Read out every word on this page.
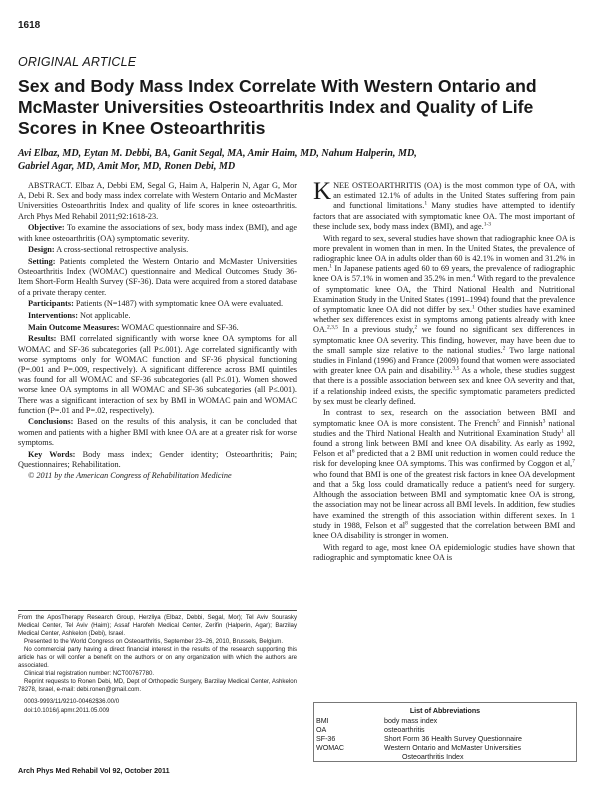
1618
ORIGINAL ARTICLE
Sex and Body Mass Index Correlate With Western Ontario and McMaster Universities Osteoarthritis Index and Quality of Life Scores in Knee Osteoarthritis
Avi Elbaz, MD, Eytan M. Debbi, BA, Ganit Segal, MA, Amir Haim, MD, Nahum Halperin, MD,
Gabriel Agar, MD, Amit Mor, MD, Ronen Debi, MD

ABSTRACT. Elbaz A, Debbi EM, Segal G, Haim A, Halperin N, Agar G, Mor A, Debi R. Sex and body mass index correlate with Western Ontario and McMaster Universities Osteoarthritis Index and quality of life scores in knee osteoarthritis. Arch Phys Med Rehabil 2011;92:1618-23.

Objective: To examine the associations of sex, body mass index (BMI), and age with knee osteoarthritis (OA) symptomatic severity.

Design: A cross-sectional retrospective analysis.

Setting: Patients completed the Western Ontario and McMaster Universities Osteoarthritis Index (WOMAC) questionnaire and Medical Outcomes Study 36-Item Short-Form Health Survey (SF-36). Data were acquired from a stored database of a private therapy center.

Participants: Patients (N=1487) with symptomatic knee OA were evaluated.

Interventions: Not applicable.

Main Outcome Measures: WOMAC questionnaire and SF-36.

Results: BMI correlated significantly with worse knee OA symptoms for all WOMAC and SF-36 subcategories (all P≤.001). Age correlated significantly with worse symptoms only for WOMAC function and SF-36 physical functioning (P=.001 and P=.009, respectively). A significant difference across BMI quintiles was found for all WOMAC and SF-36 subcategories (all P≤.01). Women showed worse knee OA symptoms in all WOMAC and SF-36 subcategories (all P≤.001). There was a significant interaction of sex by BMI in WOMAC pain and WOMAC function (P=.01 and P=.02, respectively).

Conclusions: Based on the results of this analysis, it can be concluded that women and patients with a higher BMI with knee OA are at a greater risk for worse symptoms.

Key Words: Body mass index; Gender identity; Osteoarthritis; Pain; Questionnaires; Rehabilitation.

© 2011 by the American Congress of Rehabilitation Medicine

From the AposTherapy Research Group, Herzliya (Elbaz, Debbi, Segal, Mor); Tel Aviv Sourasky Medical Center, Tel Aviv (Haim); Assaf Harofeh Medical Center, Zerifin (Halperin, Agar); Barzilay Medical Center, Ashkelon (Debi), Israel.

Presented to the World Congress on Osteoarthritis, September 23–26, 2010, Brussels, Belgium.

No commercial party having a direct financial interest in the results of the research supporting this article has or will confer a benefit on the authors or on any organization with which the authors are associated.

Clinical trial registration number: NCT00767780.

Reprint requests to Ronen Debi, MD, Dept of Orthopedic Surgery, Barzilay Medical Center, Ashkelon 78278, Israel, e-mail: debi.ronen@gmail.com.

0003-9993/11/9210-00462$36.00/0

doi:10.1016/j.apmr.2011.05.009

KNEE OSTEOARTHRITIS (OA) is the most common type of OA, with an estimated 12.1% of adults in the United States suffering from pain and functional limitations.$^1$ Many studies have attempted to identify factors that are associated with symptomatic knee OA. The most important of these include sex, body mass index (BMI), and age.$^{1-3}$

With regard to sex, several studies have shown that radiographic knee OA is more prevalent in women than in men. In the United States, the prevalence of radiographic knee OA in adults older than 60 is 42.1% in women and 31.2% in men.$^1$ In Japanese patients aged 60 to 69 years, the prevalence of radiographic knee OA is 57.1% in women and 35.2% in men.$^4$ With regard to the prevalence of symptomatic knee OA, the Third National Health and Nutritional Examination Study in the United States (1991–1994) found that the prevalence of symptomatic knee OA did not differ by sex.$^1$ Other studies have examined whether sex differences exist in symptoms among patients already with knee OA.$^{2,3,5}$ In a previous study,$^2$ we found no significant sex differences in symptomatic knee OA severity. This finding, however, may have been due to the small sample size relative to the national studies.$^2$ Two large national studies in Finland (1996) and France (2009) found that women were associated with greater knee OA pain and disability.$^{3,5}$ As a whole, these studies suggest that there is a possible association between sex and knee OA severity and that, if a relationship indeed exists, the specific symptomatic parameters predicted by sex must be clearly defined.

In contrast to sex, research on the association between BMI and symptomatic knee OA is more consistent. The French$^5$ and Finnish$^3$ national studies and the Third National Health and Nutritional Examination Study$^1$ all found a strong link between BMI and knee OA disability. As early as 1992, Felson et $al^6$ predicted that a 2 BMI unit reduction in women could reduce the risk for developing knee OA symptoms. This was confirmed by Coggon et al,$^7$ who found that BMI is one of the greatest risk factors in knee OA development and that a 5kg loss could dramatically reduce a patient's need for surgery. Although the association between BMI and symptomatic knee OA is strong, the association may not be linear across all BMI levels. In addition, few studies have examined the strength of this association within different sexes. In 1 study in 1988, Felson et $al^8$ suggested that the correlation between BMI and knee OA disability is stronger in women.

With regard to age, most knee OA epidemiologic studies have shown that radiographic and symptomatic knee OA is

List of Abbreviations
BMI	body mass index
OA	osteoarthritis
SF-36	Short Form 36 Health Survey Questionnaire
WOMAC	Western Ontario and McMaster Universities
	Osteoarthritis Index
Arch Phys Med Rehabil Vol 92, October 2011
